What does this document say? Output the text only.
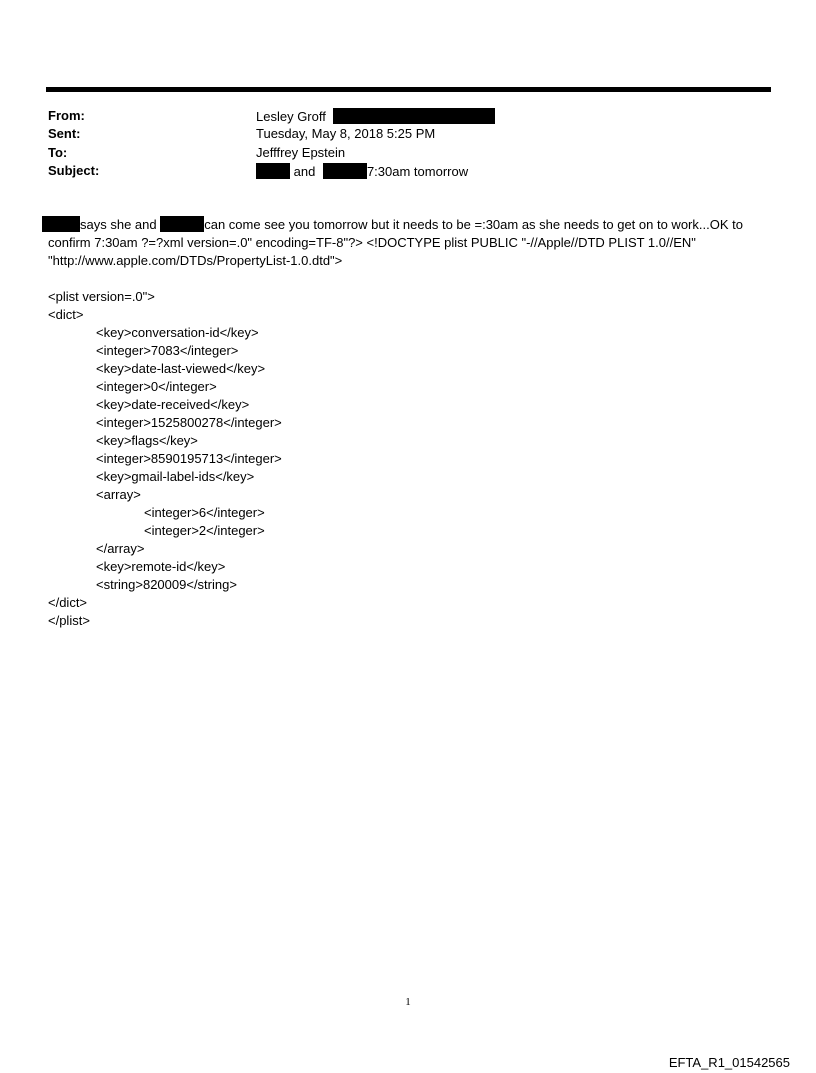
From:	Lesley Groff
Sent:	Tuesday, May 8, 2018 5:25 PM
To:	Jefffrey Epstein
Subject:	and	7:30am tomorrow
says she and	can come see you tomorrow but it needs to be =:30am as she needs to get on to work...OK to
confirm 7:30am ?=?xml version=.0" encoding=TF-8"?> <!DOCTYPE plist PUBLIC "-//Apple//DTD PLIST 1.0//EN"
"http://www.apple.com/DTDs/PropertyList-1.0.dtd">
<plist version=.0">
<dict>
<key>conversation-id</key>
<integer>7083</integer>
<key>date-last-viewed</key>
<integer>0</integer>
<key>date-received</key>
<integer>1525800278</integer>
<key>flags</key>
<integer>8590195713</integer>
<key>gmail-label-ids</key>
<array>
<integer>6</integer>
<integer>2</integer>
</array>
<key>remote-id</key>
<string>820009</string>
</dict>
</plist>
1
EFTA_R1_01542565
